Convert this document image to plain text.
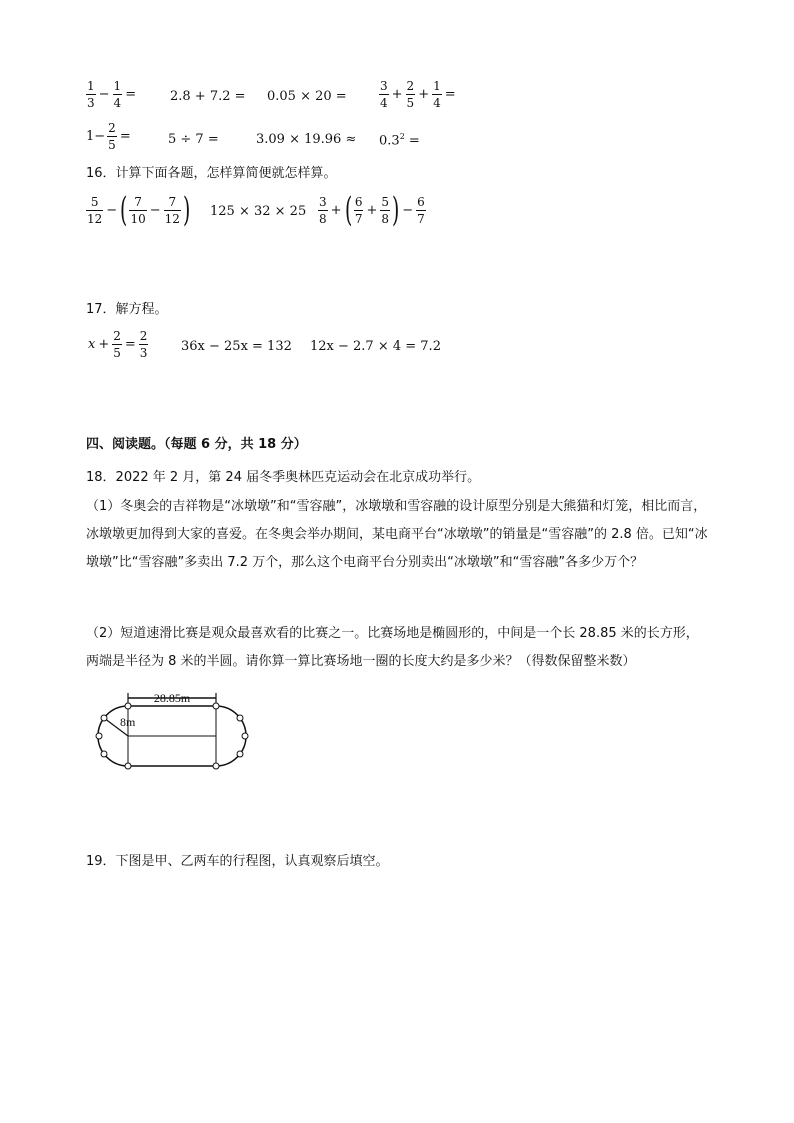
$\frac{1}{3} - \frac{1}{4}$ =	2.8 + 7.2 = 0.05 × 20 =	$\frac{3}{4} + \frac{2}{5} + \frac{1}{4}$ =
$1- \frac{2}{5}$ =	5 ÷ 7 =	$3.09 \times 19.96 \approx 0.3^2$ =
16．计算下面各题，怎样算简便就怎样算。
$\frac{5}{12}$ − ( $\frac{7}{10} - \frac{7}{12}$ ) $125 \times 32 \times 25 \frac{3}{8}$ + ( $\frac{6}{7} + \frac{5}{8}$ ) − $\frac{6}{7}$
17．解方程。
$x + \frac{2}{5} = \frac{2}{3}$	36x − 25x = 132 12x − 2.7 × 4 = 7.2
四、阅读题。（每题 6 分，共 18 分）
18．2022 年 2 月，第 24 届冬季奥林匹克运动会在北京成功举行。
（1）冬奥会的吉祥物是“冰墩墩”和“雪容融”，冰墩墩和雪容融的设计原型分别是大熊猫和灯笼，相比而言，冰墩墩更加得到大家的喜爱。在冬奥会举办期间，某电商平台“冰墩墩”的销量是“雪容融”的 2.8 倍。已知“冰墩墩”比“雪容融”多卖出 7.2 万个，那么这个电商平台分别卖出“冰墩墩”和“雪容融”各多少万个？
（2）短道速滑比赛是观众最喜欢看的比赛之一。比赛场地是椭圆形的，中间是一个长 28.85 米的长方形，两端是半径为 8 米的半圆。请你算一算比赛场地一圈的长度大约是多少米？（得数保留整米数）
28.85m
8m
19．下图是甲、乙两车的行程图，认真观察后填空。
